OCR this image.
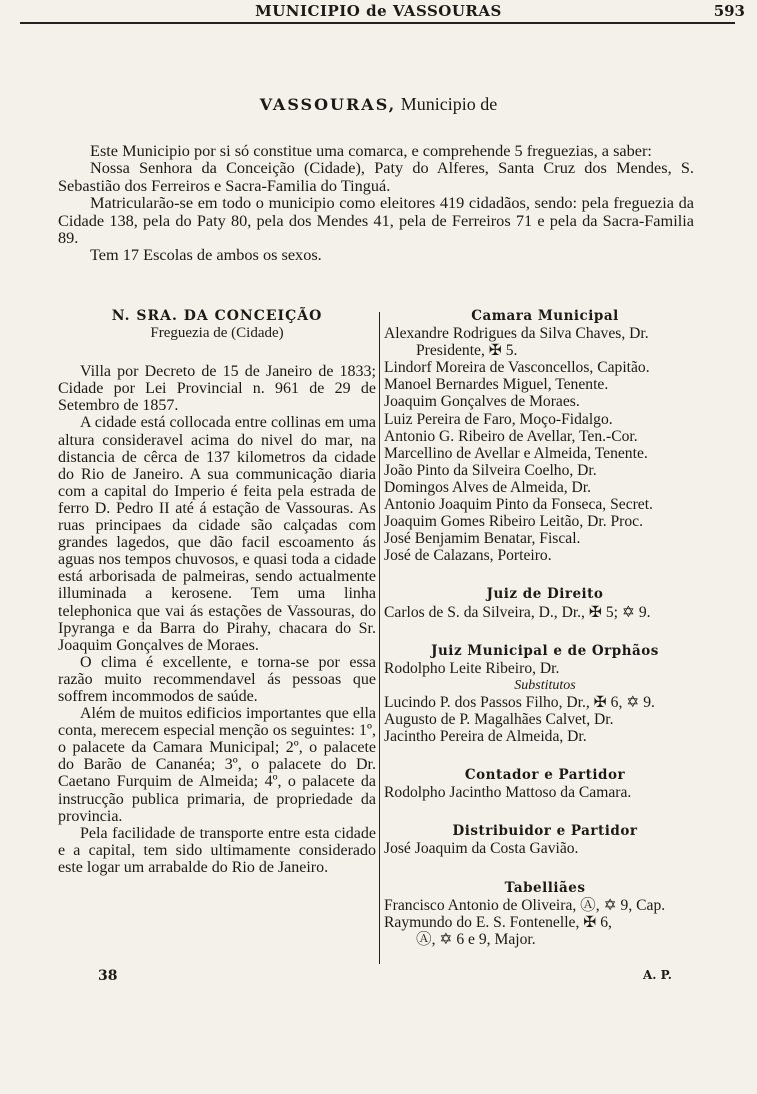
MUNICIPIO de VASSOURAS	593
VASSOURAS, Municipio de

Este Municipio por si só constitue uma comarca, e comprehende 5 freguezias, a saber:

Nossa Senhora da Conceição (Cidade), Paty do Alferes, Santa Cruz dos Mendes, S. Sebastião dos Ferreiros e Sacra-Familia do Tinguá.

Matricularão-se em todo o municipio como eleitores 419 cidadãos, sendo: pela freguezia da Cidade 138, pela do Paty 80, pela dos Mendes 41, pela de Ferreiros 71 e pela da Sacra-Familia 89.

Tem 17 Escolas de ambos os sexos.

N. SRA. DA CONCEIÇÃO
Freguezia de (Cidade)

Villa por Decreto de 15 de Janeiro de 1833; Cidade por Lei Provincial n. 961 de 29 de Setembro de 1857.

A cidade está collocada entre collinas em uma altura consideravel acima do nivel do mar, na distancia de cêrca de 137 kilometros da cidade do Rio de Janeiro. A sua communicação diaria com a capital do Imperio é feita pela estrada de ferro D. Pedro II até á estação de Vassouras. As ruas principaes da cidade são calçadas com grandes lagedos, que dão facil escoamento ás aguas nos tempos chuvosos, e quasi toda a cidade está arborisada de palmeiras, sendo actualmente illuminada a kerosene. Tem uma linha telephonica que vai ás estações de Vassouras, do Ipyranga e da Barra do Pirahy, chacara do Sr. Joaquim Gonçalves de Moraes.

O clima é excellente, e torna-se por essa razão muito recommendavel ás pessoas que soffrem incommodos de saúde.

Além de muitos edificios importantes que ella conta, merecem especial menção os seguintes: 1º, o palacete da Camara Municipal; 2º, o palacete do Barão de Cananéa; 3º, o palacete do Dr. Caetano Furquim de Almeida; 4º, o palacete da instrucção publica primaria, de propriedade da provincia.

Pela facilidade de transporte entre esta cidade e a capital, tem sido ultimamente considerado este logar um arrabalde do Rio de Janeiro.

Camara Municipal
Alexandre Rodrigues da Silva Chaves, Dr.
Presidente, ✠ 5.
Lindorf Moreira de Vasconcellos, Capitão.
Manoel Bernardes Miguel, Tenente.
Joaquim Gonçalves de Moraes.
Luiz Pereira de Faro, Moço-Fidalgo.
Antonio G. Ribeiro de Avellar, Ten.-Cor.
Marcellino de Avellar e Almeida, Tenente.
João Pinto da Silveira Coelho, Dr.
Domingos Alves de Almeida, Dr.
Antonio Joaquim Pinto da Fonseca, Secret.
Joaquim Gomes Ribeiro Leitão, Dr. Proc.
José Benjamim Benatar, Fiscal.
José de Calazans, Porteiro.
Juiz de Direito
Carlos de S. da Silveira, D., Dr., ✠ 5; ✡ 9.
Juiz Municipal e de Orphãos
Rodolpho Leite Ribeiro, Dr.
Substitutos
Lucindo P. dos Passos Filho, Dr., ✠ 6, ✡ 9.
Augusto de P. Magalhães Calvet, Dr.
Jacintho Pereira de Almeida, Dr.
Contador e Partidor
Rodolpho Jacintho Mattoso da Camara.
Distribuidor e Partidor
José Joaquim da Costa Gavião.
Tabelliães
Francisco Antonio de Oliveira, Ⓐ, ✡ 9, Cap.
Raymundo do E. S. Fontenelle, ✠ 6,
Ⓐ, ✡ 6 e 9, Major.
38	A. P.
